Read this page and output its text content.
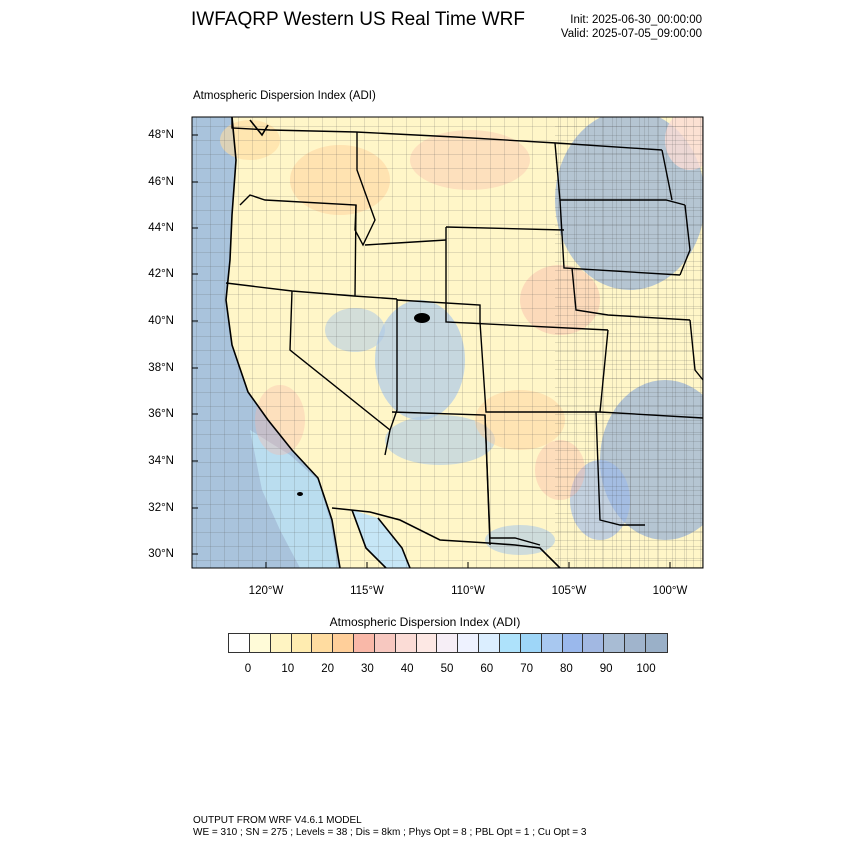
IWFAQRP Western US Real Time WRF	Init: 2025-06-30_00:00:00
Valid: 2025-07-05_09:00:00
Atmospheric Dispersion Index (ADI)
48°N
46°N
44°N
42°N
40°N
38°N
36°N
34°N
32°N
30°N
120°W	115°W	110°W	105°W	100°W
Atmospheric Dispersion Index (ADI)
0	10 20 30 40 50 60 70 80 90 100
OUTPUT FROM WRF V4.6.1 MODEL
WE = 310 ; SN = 275 ; Levels = 38 ; Dis = 8km ; Phys Opt = 8 ; PBL Opt = 1 ; Cu Opt = 3
